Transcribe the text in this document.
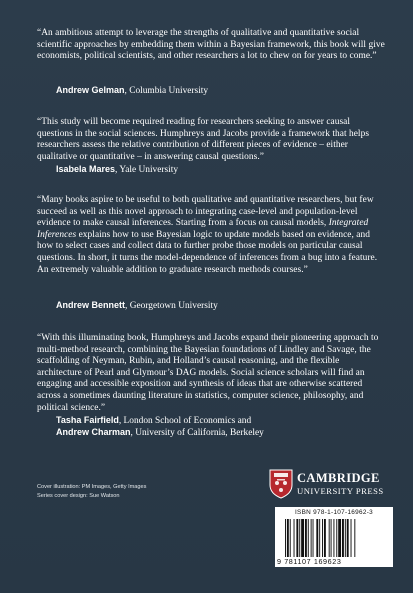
“An ambitious attempt to leverage the strengths of qualitative and quantitative social scientific approaches by embedding them within a Bayesian framework, this book will give economists, political scientists, and other researchers a lot to chew on for years to come.”

Andrew Gelman, Columbia University

“This study will become required reading for researchers seeking to answer causal questions in the social sciences. Humphreys and Jacobs provide a framework that helps researchers assess the relative contribution of different pieces of evidence – either qualitative or quantitative – in answering causal questions.”

Isabela Mares, Yale University

“Many books aspire to be useful to both qualitative and quantitative researchers, but few succeed as well as this novel approach to integrating case-level and population-level evidence to make causal inferences. Starting from a focus on causal models, Integrated Inferences explains how to use Bayesian logic to update models based on evidence, and how to select cases and collect data to further probe those models on particular causal questions. In short, it turns the model-dependence of inferences from a bug into a feature. An extremely valuable addition to graduate research methods courses.”

Andrew Bennett, Georgetown University

“With this illuminating book, Humphreys and Jacobs expand their pioneering approach to multi-method research, combining the Bayesian foundations of Lindley and Savage, the scaffolding of Neyman, Rubin, and Holland’s causal reasoning, and the flexible architecture of Pearl and Glymour’s DAG models. Social science scholars will find an engaging and accessible exposition and synthesis of ideas that are otherwise scattered across a sometimes daunting literature in statistics, computer science, philosophy, and political science.”

Tasha Fairfield, London School of Economics and
Andrew Charman, University of California, Berkeley
Cover illustration: PM Images, Getty Images
Series cover design: Sue Watson
CAMBRIDGE
UNIVERSITY PRESS
ISBN 978-1-107-16962-3
9 781107 169623
